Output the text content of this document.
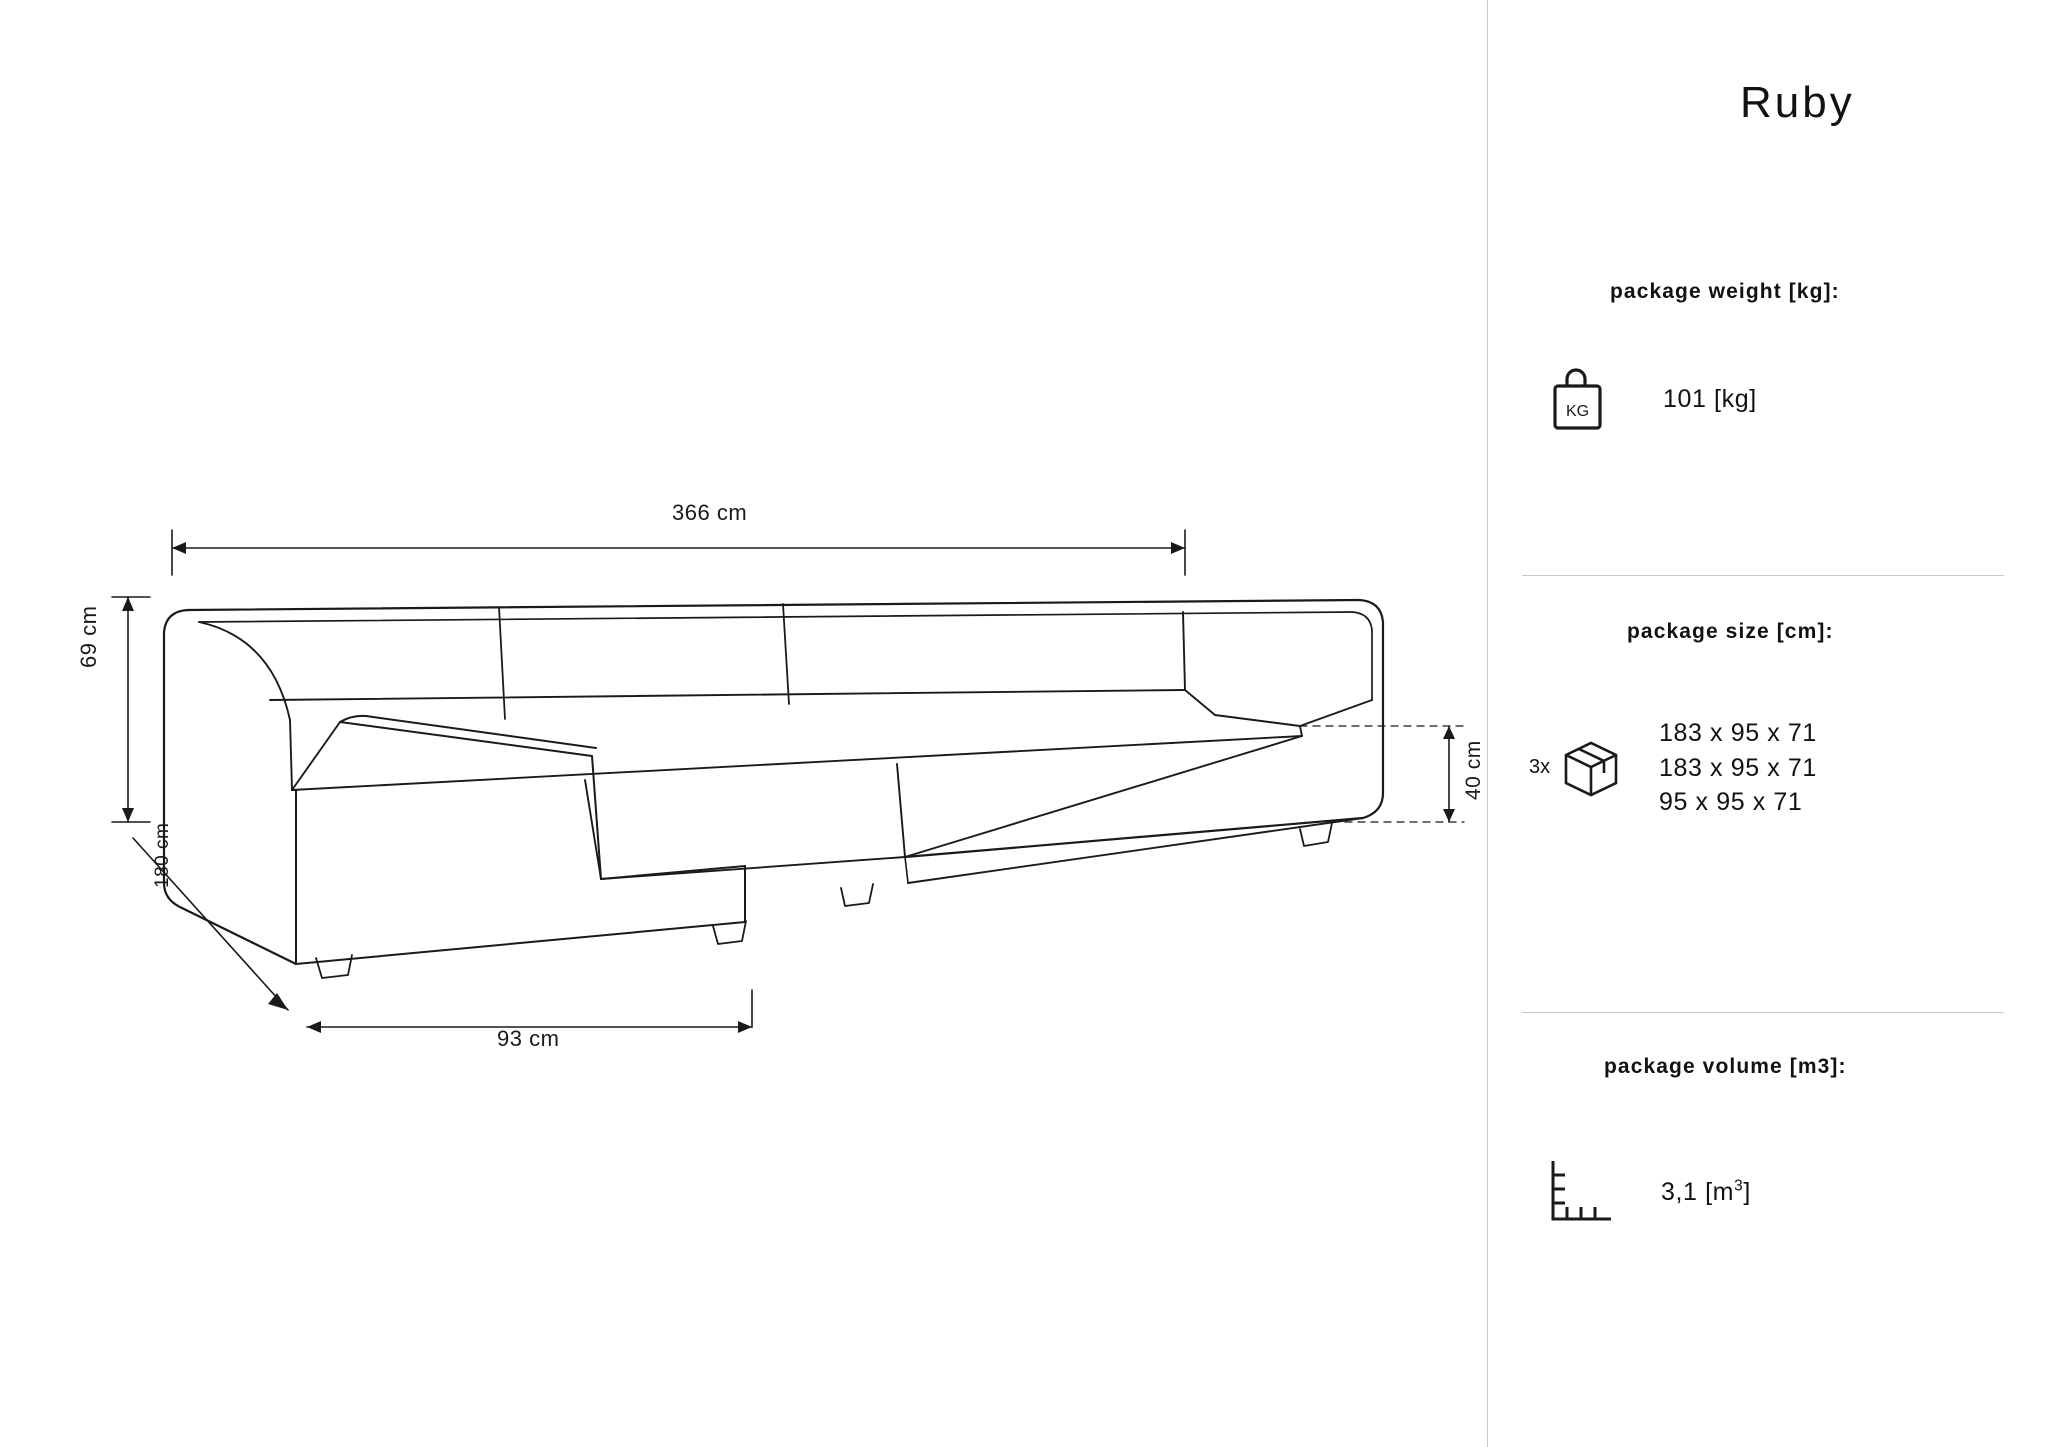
366 cm
69 cm
180 cm
93 cm
40 cm
Ruby
package weight [kg]:
KG	101 [kg]
package size [cm]:
3x
183 x 95 x 71
183 x 95 x 71
95 x 95 x 71
package volume [m3]:
3,1 $[m^3]$
